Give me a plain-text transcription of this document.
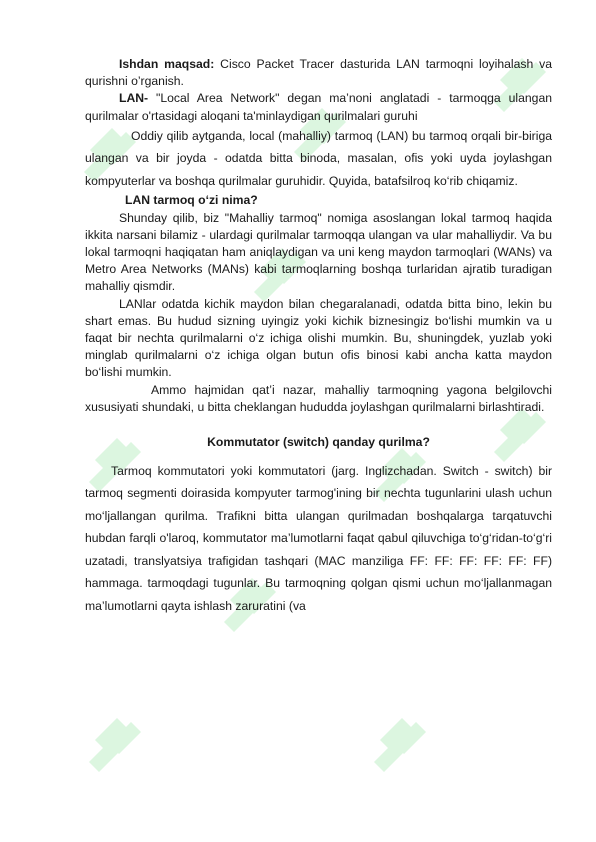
Ishdan maqsad: Cisco Packet Tracer dasturida LAN tarmoqni loyihalash va qurishni o’rganish.

LAN- "Local Area Network" degan ma’noni anglatadi - tarmoqga ulangan qurilmalar o'rtasidagi aloqani ta'minlaydigan qurilmalari guruhi

Oddiy qilib aytganda, local (mahalliy) tarmoq (LAN) bu tarmoq orqali bir-biriga ulangan va bir joyda - odatda bitta binoda, masalan, ofis yoki uyda joylashgan kompyuterlar va boshqa qurilmalar guruhidir. Quyida, batafsilroq ko‘rib chiqamiz.

LAN tarmoq o‘zi nima?

Shunday qilib, biz "Mahalliy tarmoq" nomiga asoslangan lokal tarmoq haqida ikkita narsani bilamiz - ulardagi qurilmalar tarmoqqa ulangan va ular mahalliydir. Va bu lokal tarmoqni haqiqatan ham aniqlaydigan va uni keng maydon tarmoqlari (WANs) va Metro Area Networks (MANs) kabi tarmoqlarning boshqa turlaridan ajratib turadigan mahalliy qismdir.

LANlar odatda kichik maydon bilan chegaralanadi, odatda bitta bino, lekin bu shart emas. Bu hudud sizning uyingiz yoki kichik biznesingiz bo‘lishi mumkin va u faqat bir nechta qurilmalarni o‘z ichiga olishi mumkin. Bu, shuningdek, yuzlab yoki minglab qurilmalarni o‘z ichiga olgan butun ofis binosi kabi ancha katta maydon bo‘lishi mumkin.

Ammo hajmidan qat’i nazar, mahalliy tarmoqning yagona belgilovchi xususiyati shundaki, u bitta cheklangan hududda joylashgan qurilmalarni birlashtiradi.

Kommutator (switch) qanday qurilma?

Tarmoq kommutatori yoki kommutatori (jarg. Inglizchadan. Switch - switch) bir tarmoq segmenti doirasida kompyuter tarmog'ining bir nechta tugunlarini ulash uchun mo‘ljallangan qurilma. Trafikni bitta ulangan qurilmadan boshqalarga tarqatuvchi hubdan farqli o'laroq, kommutator ma’lumotlarni faqat qabul qiluvchiga to‘g‘ridan-to‘g‘ri uzatadi, translyatsiya trafigidan tashqari (MAC manziliga FF: FF: FF: FF: FF: FF) hammaga. tarmoqdagi tugunlar. Bu tarmoqning qolgan qismi uchun mo‘ljallanmagan ma’lumotlarni qayta ishlash zaruratini (va
